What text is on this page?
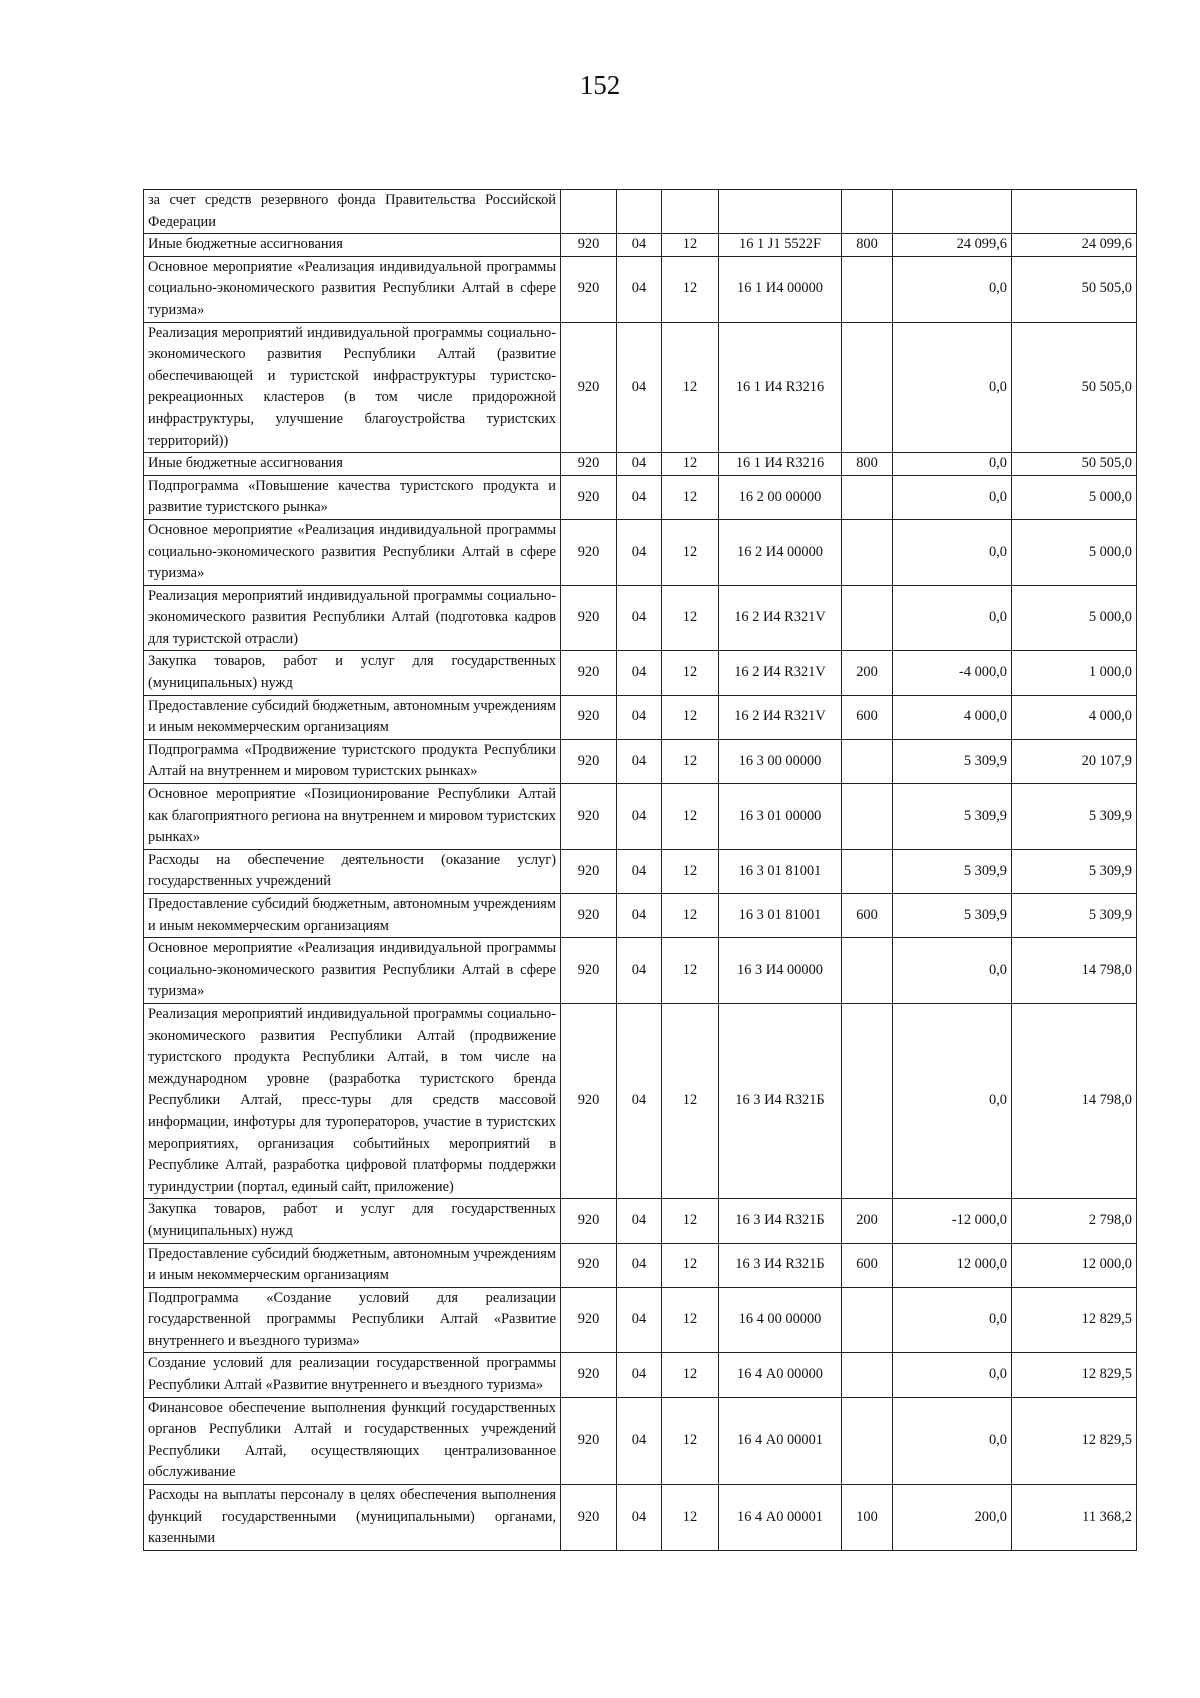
152
за счет средств резервного фонда Правительства Российской Федерации							
Иные бюджетные ассигнования	920	04	12	16 1 J1 5522F	800	24 099,6	24 099,6
Основное мероприятие «Реализация индивидуальной программы социально-экономического развития Республики Алтай в сфере туризма»	920	04	12	16 1 И4 00000		0,0	50 505,0
Реализация мероприятий индивидуальной программы социально-экономического развития Республики Алтай (развитие обеспечивающей и туристской инфраструктуры туристско-рекреационных кластеров (в том числе придорожной инфраструктуры, улучшение благоустройства туристских территорий))	920	04	12	16 1 И4 R3216		0,0	50 505,0
Иные бюджетные ассигнования	920	04	12	16 1 И4 R3216	800	0,0	50 505,0
Подпрограмма «Повышение качества туристского продукта и развитие туристского рынка»	920	04	12	16 2 00 00000		0,0	5 000,0
Основное мероприятие «Реализация индивидуальной программы социально-экономического развития Республики Алтай в сфере туризма»	920	04	12	16 2 И4 00000		0,0	5 000,0
Реализация мероприятий индивидуальной программы социально-экономического развития Республики Алтай (подготовка кадров для туристской отрасли)	920	04	12	16 2 И4 R321V		0,0	5 000,0
Закупка товаров, работ и услуг для государственных (муниципальных) нужд	920	04	12	16 2 И4 R321V	200	-4 000,0	1 000,0
Предоставление субсидий бюджетным, автономным учреждениям и иным некоммерческим организациям	920	04	12	16 2 И4 R321V	600	4 000,0	4 000,0
Подпрограмма «Продвижение туристского продукта Республики Алтай на внутреннем и мировом туристских рынках»	920	04	12	16 3 00 00000		5 309,9	20 107,9
Основное мероприятие «Позиционирование Республики Алтай как благоприятного региона на внутреннем и мировом туристских рынках»	920	04	12	16 3 01 00000		5 309,9	5 309,9
Расходы на обеспечение деятельности (оказание услуг) государственных учреждений	920	04	12	16 3 01 81001		5 309,9	5 309,9
Предоставление субсидий бюджетным, автономным учреждениям и иным некоммерческим организациям	920	04	12	16 3 01 81001	600	5 309,9	5 309,9
Основное мероприятие «Реализация индивидуальной программы социально-экономического развития Республики Алтай в сфере туризма»	920	04	12	16 3 И4 00000		0,0	14 798,0
Реализация мероприятий индивидуальной программы социально-экономического развития Республики Алтай (продвижение туристского продукта Республики Алтай, в том числе на международном уровне (разработка туристского бренда Республики Алтай, пресс-туры для средств массовой информации, инфотуры для туроператоров, участие в туристских мероприятиях, организация событийных мероприятий в Республике Алтай, разработка цифровой платформы поддержки туриндустрии (портал, единый сайт, приложение)	920	04	12	16 3 И4 R321Б		0,0	14 798,0
Закупка товаров, работ и услуг для государственных (муниципальных) нужд	920	04	12	16 3 И4 R321Б	200	-12 000,0	2 798,0
Предоставление субсидий бюджетным, автономным учреждениям и иным некоммерческим организациям	920	04	12	16 3 И4 R321Б	600	12 000,0	12 000,0
Подпрограмма «Создание условий для реализации государственной программы Республики Алтай «Развитие внутреннего и въездного туризма»	920	04	12	16 4 00 00000		0,0	12 829,5
Создание условий для реализации государственной программы Республики Алтай «Развитие внутреннего и въездного туризма»	920	04	12	16 4 А0 00000		0,0	12 829,5
Финансовое обеспечение выполнения функций государственных органов Республики Алтай и государственных учреждений Республики Алтай, осуществляющих централизованное обслуживание	920	04	12	16 4 А0 00001		0,0	12 829,5
Расходы на выплаты персоналу в целях обеспечения выполнения функций государственными (муниципальными) органами, казенными	920	04	12	16 4 А0 00001	100	200,0	11 368,2
